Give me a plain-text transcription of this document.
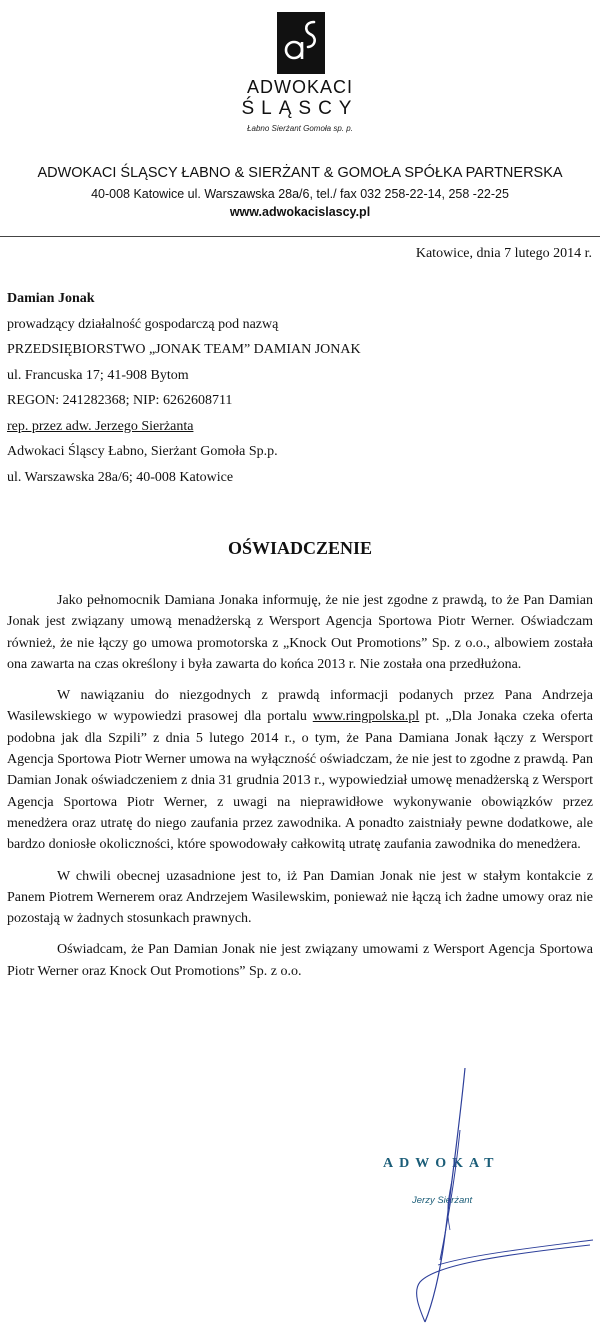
ADWOKACI
ŚLĄSCY
Łabno Sierżant Gomoła sp. p.
ADWOKACI ŚLĄSCY ŁABNO & SIERŻANT & GOMOŁA SPÓŁKA PARTNERSKA
40-008 Katowice ul. Warszawska 28a/6, tel./ fax 032 258-22-14, 258 -22-25
www.adwokacislascy.pl
Katowice, dnia 7 lutego 2014 r.
Damian Jonak
prowadzący działalność gospodarczą pod nazwą
PRZEDSIĘBIORSTWO „JONAK TEAM” DAMIAN JONAK
ul. Francuska 17; 41-908 Bytom
REGON: 241282368; NIP: 6262608711
rep. przez adw. Jerzego Sierżanta
Adwokaci Śląscy Łabno, Sierżant Gomoła Sp.p.
ul. Warszawska 28a/6; 40-008 Katowice
OŚWIADCZENIE

Jako pełnomocnik Damiana Jonaka informuję, że nie jest zgodne z prawdą, to że Pan Damian Jonak jest związany umową menadżerską z Wersport Agencja Sportowa Piotr Werner. Oświadczam również, że nie łączy go umowa promotorska z „Knock Out Promotions” Sp. z o.o., albowiem została ona zawarta na czas określony i była zawarta do końca 2013 r. Nie została ona przedłużona.

W nawiązaniu do niezgodnych z prawdą informacji podanych przez Pana Andrzeja Wasilewskiego w wypowiedzi prasowej dla portalu www.ringpolska.pl pt. „Dla Jonaka czeka oferta podobna jak dla Szpili” z dnia 5 lutego 2014 r., o tym, że Pana Damiana Jonak łączy z Wersport Agencja Sportowa Piotr Werner umowa na wyłączność oświadczam, że nie jest to zgodne z prawdą. Pan Damian Jonak oświadczeniem z dnia 31 grudnia 2013 r., wypowiedział umowę menadżerską z Wersport Agencja Sportowa Piotr Werner, z uwagi na nieprawidłowe wykonywanie obowiązków przez menedżera oraz utratę do niego zaufania przez zawodnika. A ponadto zaistniały pewne dodatkowe, ale bardzo doniosłe okoliczności, które spowodowały całkowitą utratę zaufania zawodnika do menedżera.

W chwili obecnej uzasadnione jest to, iż Pan Damian Jonak nie jest w stałym kontakcie z Panem Piotrem Wernerem oraz Andrzejem Wasilewskim, ponieważ nie łączą ich żadne umowy oraz nie pozostają w żadnych stosunkach prawnych.

Oświadcam, że Pan Damian Jonak nie jest związany umowami z Wersport Agencja Sportowa Piotr Werner oraz Knock Out Promotions” Sp. z o.o.

ADWOKAT
Jerzy Sierżant
